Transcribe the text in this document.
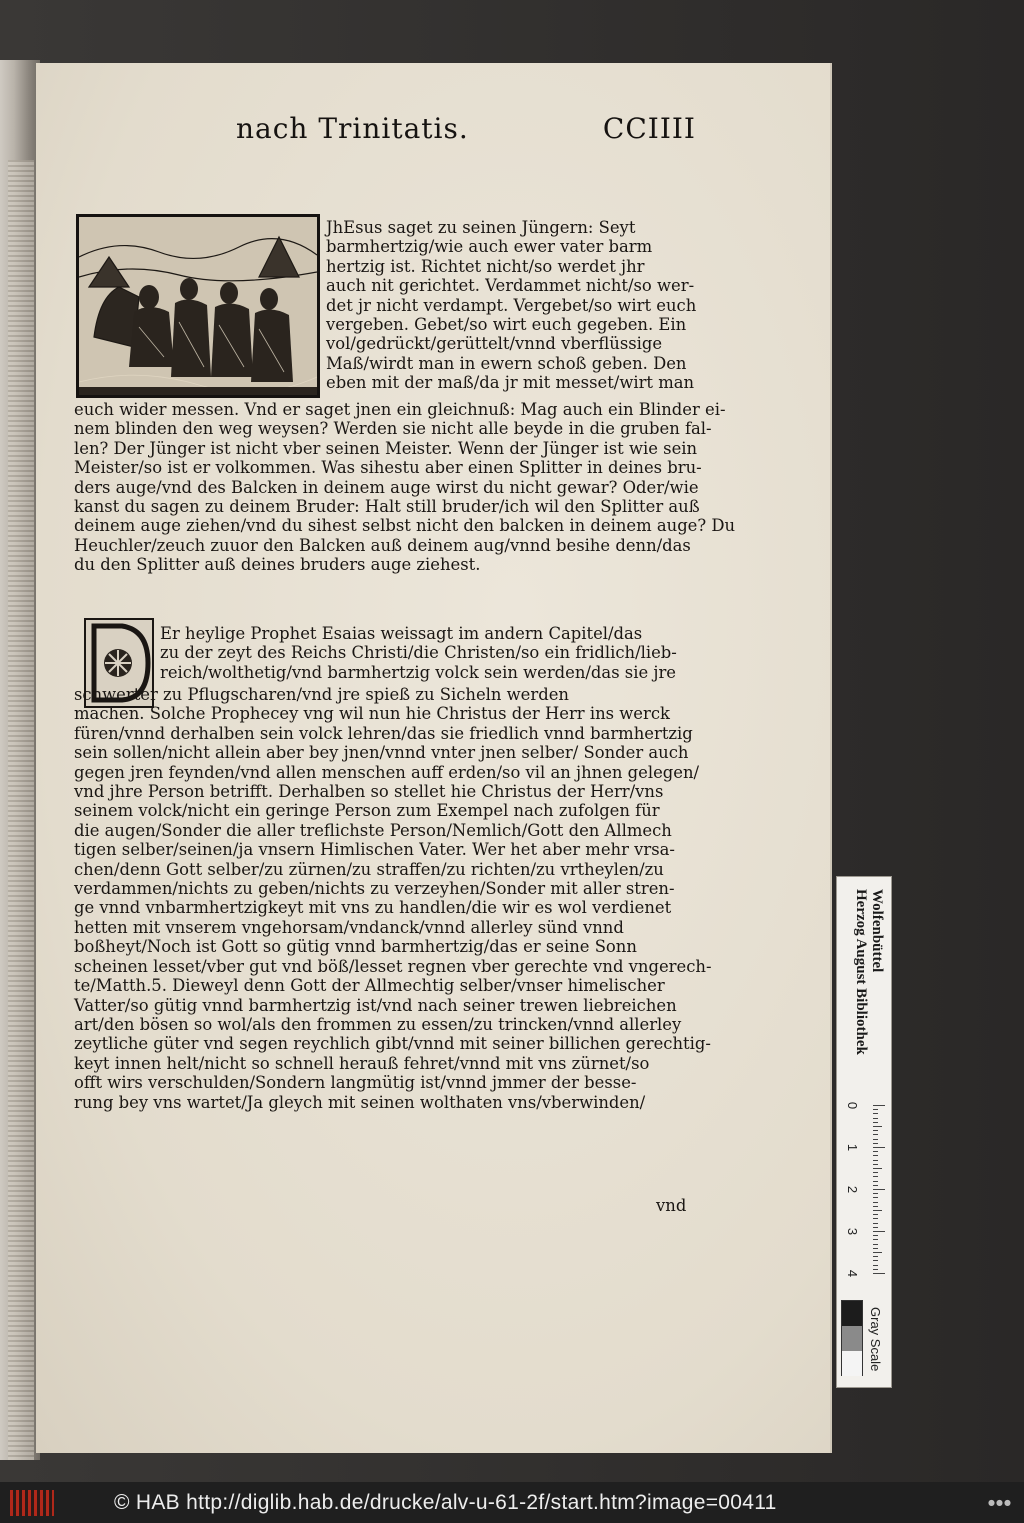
nach Trinitatis.	CCIIII
JhEsus saget zu seinen Jüngern: Seyt
barmhertzig/wie auch ewer vater barm
hertzig ist. Richtet nicht/so werdet jhr
auch nit gerichtet. Verdammet nicht/so wer-
det jr nicht verdampt. Vergebet/so wirt euch
vergeben. Gebet/so wirt euch gegeben. Ein
vol/gedrückt/gerüttelt/vnnd vberflüssige
Maß/wirdt man in ewern schoß geben. Den
eben mit der maß/da jr mit messet/wirt man
euch wider messen. Vnd er saget jnen ein gleichnuß: Mag auch ein Blinder ei-
nem blinden den weg weysen? Werden sie nicht alle beyde in die gruben fal-
len? Der Jünger ist nicht vber seinen Meister. Wenn der Jünger ist wie sein
Meister/so ist er volkommen. Was sihestu aber einen Splitter in deines bru-
ders auge/vnd des Balcken in deinem auge wirst du nicht gewar? Oder/wie
kanst du sagen zu deinem Bruder: Halt still bruder/ich wil den Splitter auß
deinem auge ziehen/vnd du sihest selbst nicht den balcken in deinem auge? Du
Heuchler/zeuch zuuor den Balcken auß deinem aug/vnnd besihe denn/das
du den Splitter auß deines bruders auge ziehest.
Er heylige Prophet Esaias weissagt im andern Capitel/das
zu der zeyt des Reichs Christi/die Christen/so ein fridlich/lieb-
reich/wolthetig/vnd barmhertzig volck sein werden/das sie jre
schwerter zu Pflugscharen/vnd jre spieß zu Sicheln werden
machen. Solche Prophecey vng wil nun hie Christus der Herr ins werck
füren/vnnd derhalben sein volck lehren/das sie friedlich vnnd barmhertzig
sein sollen/nicht allein aber bey jnen/vnnd vnter jnen selber/ Sonder auch
gegen jren feynden/vnd allen menschen auff erden/so vil an jhnen gelegen/
vnd jhre Person betrifft. Derhalben so stellet hie Christus der Herr/vns
seinem volck/nicht ein geringe Person zum Exempel nach zufolgen für
die augen/Sonder die aller treflichste Person/Nemlich/Gott den Allmech
tigen selber/seinen/ja vnsern Himlischen Vater. Wer het aber mehr vrsa-
chen/denn Gott selber/zu zürnen/zu straffen/zu richten/zu vrtheylen/zu
verdammen/nichts zu geben/nichts zu verzeyhen/Sonder mit aller stren-
ge vnnd vnbarmhertzigkeyt mit vns zu handlen/die wir es wol verdienet
hetten mit vnserem vngehorsam/vndanck/vnnd allerley sünd vnnd
boßheyt/Noch ist Gott so gütig vnnd barmhertzig/das er seine Sonn
scheinen lesset/vber gut vnd böß/lesset regnen vber gerechte vnd vngerech-
te/Matth.5. Dieweyl denn Gott der Allmechtig selber/vnser himelischer
Vatter/so gütig vnnd barmhertzig ist/vnd nach seiner trewen liebreichen
art/den bösen so wol/als den frommen zu essen/zu trincken/vnnd allerley
zeytliche güter vnd segen reychlich gibt/vnnd mit seiner billichen gerechtig-
keyt innen helt/nicht so schnell herauß fehret/vnnd mit vns zürnet/so
offt wirs verschulden/Sondern langmütig ist/vnnd jmmer der besse-
rung bey vns wartet/Ja gleych mit seinen wolthaten vns/vberwinden/
vnd
Herzog August Bibliothek Wolfenbüttel
0
1
2
3
4
Gray Scale
© HAB http://diglib.hab.de/drucke/alv-u-61-2f/start.htm?image=00411	●●●
